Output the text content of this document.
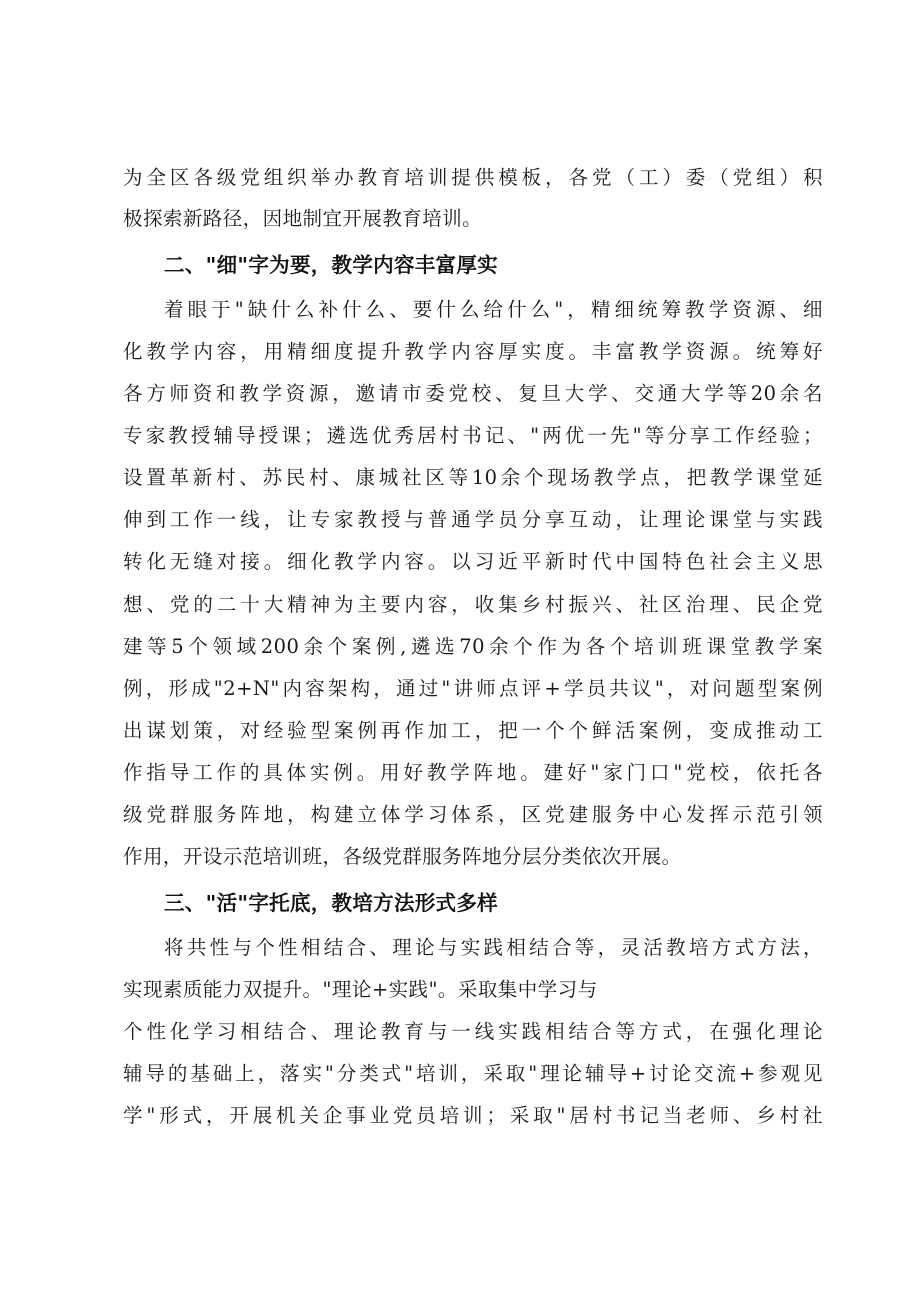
为全区各级党组织举办教育培训提供模板，各党（工）委（党组）积
极探索新路径，因地制宜开展教育培训。
二、"细"字为要，教学内容丰富厚实
着眼于"缺什么补什么、要什么给什么"，精细统筹教学资源、细
化教学内容，用精细度提升教学内容厚实度。丰富教学资源。统筹好
各方师资和教学资源，邀请市委党校、复旦大学、交通大学等20余名
专家教授辅导授课；遴选优秀居村书记、"两优一先"等分享工作经验；
设置革新村、苏民村、康城社区等10余个现场教学点，把教学课堂延
伸到工作一线，让专家教授与普通学员分享互动，让理论课堂与实践
转化无缝对接。细化教学内容。以习近平新时代中国特色社会主义思
想、党的二十大精神为主要内容，收集乡村振兴、社区治理、民企党
建等5个领域200余个案例,遴选70余个作为各个培训班课堂教学案
例，形成"2+N"内容架构，通过"讲师点评+学员共议"，对问题型案例
出谋划策，对经验型案例再作加工，把一个个鲜活案例，变成推动工
作指导工作的具体实例。用好教学阵地。建好"家门口"党校，依托各
级党群服务阵地，构建立体学习体系，区党建服务中心发挥示范引领
作用，开设示范培训班，各级党群服务阵地分层分类依次开展。
三、"活"字托底，教培方法形式多样
将共性与个性相结合、理论与实践相结合等，灵活教培方式方法，
实现素质能力双提升。"理论+实践"。采取集中学习与
个性化学习相结合、理论教育与一线实践相结合等方式，在强化理论
辅导的基础上，落实"分类式"培训，采取"理论辅导+讨论交流+参观见
学"形式，开展机关企事业党员培训；采取"居村书记当老师、乡村社
